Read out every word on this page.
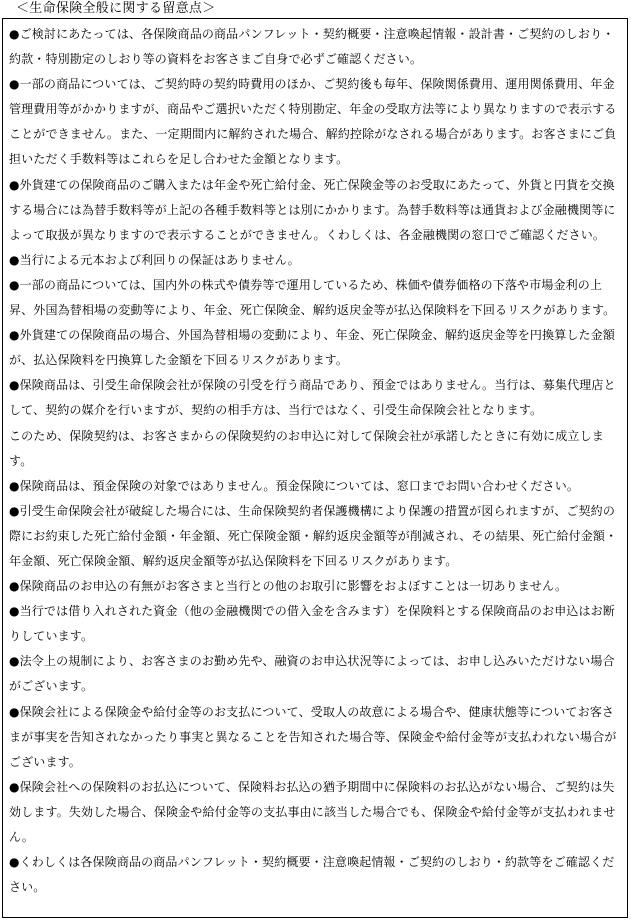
＜生命保険全般に関する留意点＞

●ご検討にあたっては、各保険商品の商品パンフレット・契約概要・注意喚起情報・設計書・ご契約のしおり・約款・特別勘定のしおり等の資料をお客さまご自身で必ずご確認ください。

●一部の商品については、ご契約時の契約時費用のほか、ご契約後も毎年、保険関係費用、運用関係費用、年金管理費用等がかかりますが、商品やご選択いただく特別勘定、年金の受取方法等により異なりますので表示することができません。また、一定期間内に解約された場合、解約控除がなされる場合があります。お客さまにご負担いただく手数料等はこれらを足し合わせた金額となります。

●外貨建ての保険商品のご購入または年金や死亡給付金、死亡保険金等のお受取にあたって、外貨と円貨を交換する場合には為替手数料等が上記の各種手数料等とは別にかかります。為替手数料等は通貨および金融機関等によって取扱が異なりますので表示することができません。くわしくは、各金融機関の窓口でご確認ください。

●当行による元本および利回りの保証はありません。

●一部の商品については、国内外の株式や債券等で運用しているため、株価や債券価格の下落や市場金利の上昇、外国為替相場の変動等により、年金、死亡保険金、解約返戻金等が払込保険料を下回るリスクがあります。

●外貨建ての保険商品の場合、外国為替相場の変動により、年金、死亡保険金、解約返戻金等を円換算した金額が、払込保険料を円換算した金額を下回るリスクがあります。

●保険商品は、引受生命保険会社が保険の引受を行う商品であり、預金ではありません。当行は、募集代理店として、契約の媒介を行いますが、契約の相手方は、当行ではなく、引受生命保険会社となります。

このため、保険契約は、お客さまからの保険契約のお申込に対して保険会社が承諾したときに有効に成立します。

●保険商品は、預金保険の対象ではありません。預金保険については、窓口までお問い合わせください。

●引受生命保険会社が破綻した場合には、生命保険契約者保護機構により保護の措置が図られますが、ご契約の際にお約束した死亡給付金額・年金額、死亡保険金額・解約返戻金額等が削減され、その結果、死亡給付金額・年金額、死亡保険金額、解約返戻金額等が払込保険料を下回るリスクがあります。

●保険商品のお申込の有無がお客さまと当行との他のお取引に影響をおよぼすことは一切ありません。

●当行では借り入れされた資金（他の金融機関での借入金を含みます）を保険料とする保険商品のお申込はお断りしています。

●法令上の規制により、お客さまのお勤め先や、融資のお申込状況等によっては、お申し込みいただけない場合がございます。

●保険会社による保険金や給付金等のお支払について、受取人の故意による場合や、健康状態等についてお客さまが事実を告知されなかったり事実と異なることを告知された場合等、保険金や給付金等が支払われない場合がございます。

●保険会社への保険料のお払込について、保険料お払込の猶予期間中に保険料のお払込がない場合、ご契約は失効します。失効した場合、保険金や給付金等の支払事由に該当した場合でも、保険金や給付金等が支払われません。

●くわしくは各保険商品の商品パンフレット・契約概要・注意喚起情報・ご契約のしおり・約款等をご確認ください。
